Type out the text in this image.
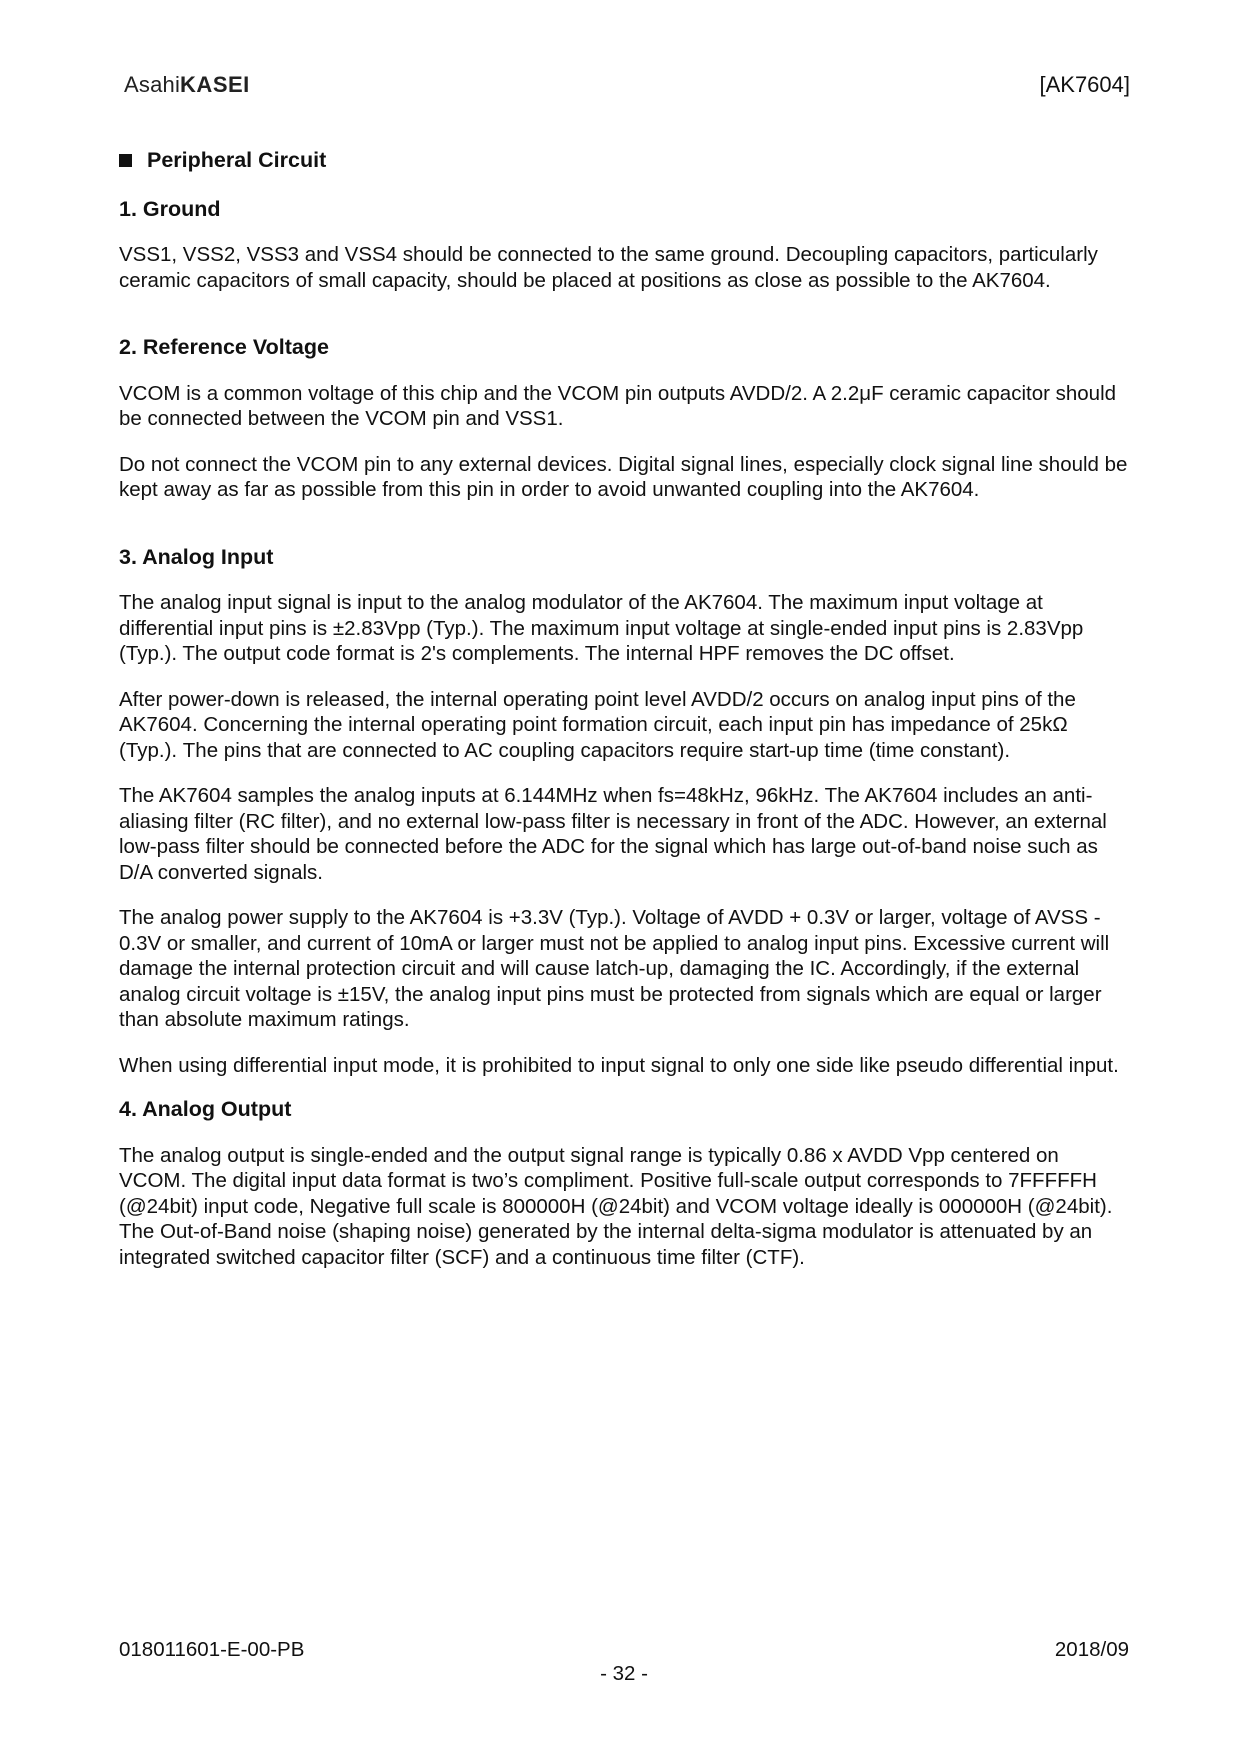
AsahiKASEI	[AK7604]
Peripheral Circuit
1. Ground

VSS1, VSS2, VSS3 and VSS4 should be connected to the same ground. Decoupling capacitors, particularly ceramic capacitors of small capacity, should be placed at positions as close as possible to the AK7604.

2. Reference Voltage

VCOM is a common voltage of this chip and the VCOM pin outputs AVDD/2. A 2.2μF ceramic capacitor should be connected between the VCOM pin and VSS1.

Do not connect the VCOM pin to any external devices. Digital signal lines, especially clock signal line should be kept away as far as possible from this pin in order to avoid unwanted coupling into the AK7604.

3. Analog Input

The analog input signal is input to the analog modulator of the AK7604. The maximum input voltage at differential input pins is ±2.83Vpp (Typ.). The maximum input voltage at single-ended input pins is 2.83Vpp (Typ.). The output code format is 2's complements. The internal HPF removes the DC offset.

After power-down is released, the internal operating point level AVDD/2 occurs on analog input pins of the AK7604. Concerning the internal operating point formation circuit, each input pin has impedance of 25kΩ (Typ.). The pins that are connected to AC coupling capacitors require start-up time (time constant).

The AK7604 samples the analog inputs at 6.144MHz when fs=48kHz, 96kHz. The AK7604 includes an anti-aliasing filter (RC filter), and no external low-pass filter is necessary in front of the ADC. However, an external low-pass filter should be connected before the ADC for the signal which has large out-of-band noise such as D/A converted signals.

The analog power supply to the AK7604 is +3.3V (Typ.). Voltage of AVDD + 0.3V or larger, voltage of AVSS - 0.3V or smaller, and current of 10mA or larger must not be applied to analog input pins. Excessive current will damage the internal protection circuit and will cause latch-up, damaging the IC. Accordingly, if the external analog circuit voltage is ±15V, the analog input pins must be protected from signals which are equal or larger than absolute maximum ratings.

When using differential input mode, it is prohibited to input signal to only one side like pseudo differential input.

4. Analog Output

The analog output is single-ended and the output signal range is typically 0.86 x AVDD Vpp centered on VCOM. The digital input data format is two’s compliment. Positive full-scale output corresponds to 7FFFFFH (@24bit) input code, Negative full scale is 800000H (@24bit) and VCOM voltage ideally is 000000H (@24bit). The Out-of-Band noise (shaping noise) generated by the internal delta-sigma modulator is attenuated by an integrated switched capacitor filter (SCF) and a continuous time filter (CTF).

018011601-E-00-PB	2018/09
- 32 -
